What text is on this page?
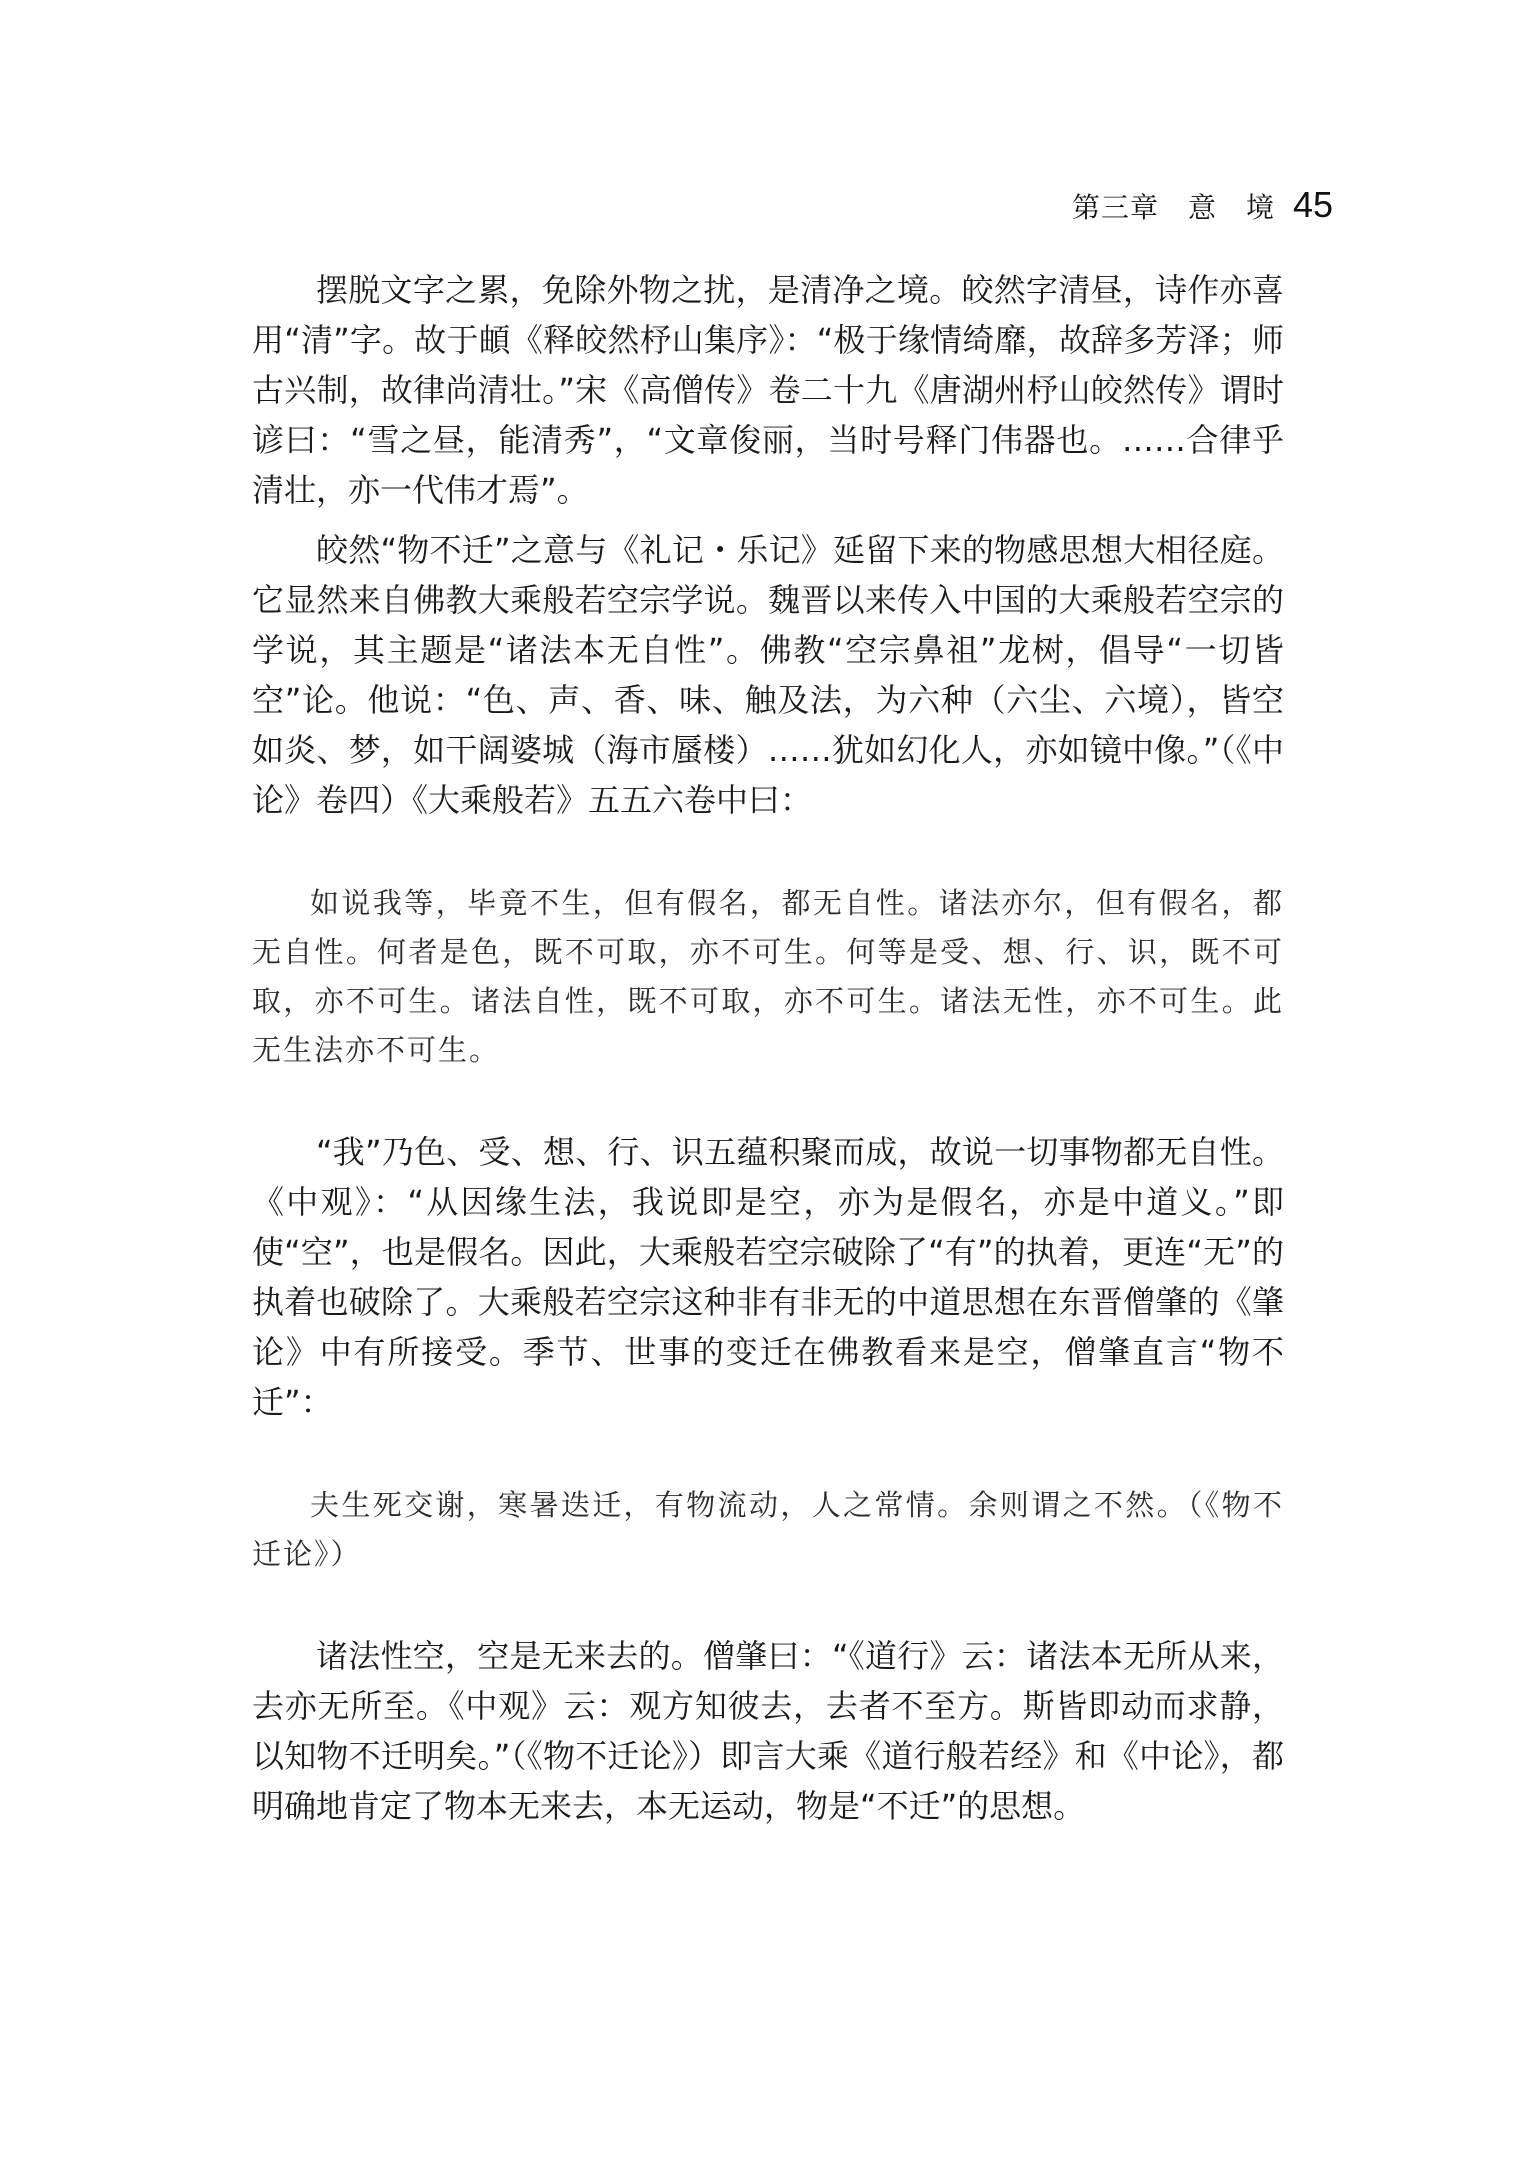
第三章　意　境 45

摆脱文字之累，免除外物之扰，是清净之境。皎然字清昼，诗作亦喜用“清”字。故于頔《释皎然杼山集序》：“极于缘情绮靡，故辞多芳泽；师古兴制，故律尚清壮。”宋《高僧传》卷二十九《唐湖州杼山皎然传》谓时谚曰：“雪之昼，能清秀”，“文章俊丽，当时号释门伟器也。……合律乎清壮，亦一代伟才焉”。

皎然“物不迁”之意与《礼记・乐记》延留下来的物感思想大相径庭。它显然来自佛教大乘般若空宗学说。魏晋以来传入中国的大乘般若空宗的学说，其主题是“诸法本无自性”。佛教“空宗鼻祖”龙树，倡导“一切皆空”论。他说：“色、声、香、味、触及法，为六种（六尘、六境），皆空如炎、梦，如干阔婆城（海市蜃楼）……犹如幻化人，亦如镜中像。”（《中论》卷四）《大乘般若》五五六卷中曰：

如说我等，毕竟不生，但有假名，都无自性。诸法亦尔，但有假名，都无自性。何者是色，既不可取，亦不可生。何等是受、想、行、识，既不可取，亦不可生。诸法自性，既不可取，亦不可生。诸法无性，亦不可生。此无生法亦不可生。

“我”乃色、受、想、行、识五蕴积聚而成，故说一切事物都无自性。《中观》：“从因缘生法，我说即是空，亦为是假名，亦是中道义。”即使“空”，也是假名。因此，大乘般若空宗破除了“有”的执着，更连“无”的执着也破除了。大乘般若空宗这种非有非无的中道思想在东晋僧肇的《肇论》中有所接受。季节、世事的变迁在佛教看来是空，僧肇直言“物不迁”：

夫生死交谢，寒暑迭迁，有物流动，人之常情。余则谓之不然。（《物不迁论》）

诸法性空，空是无来去的。僧肇曰：“《道行》云：诸法本无所从来，去亦无所至。《中观》云：观方知彼去，去者不至方。斯皆即动而求静，以知物不迁明矣。”（《物不迁论》）即言大乘《道行般若经》和《中论》，都明确地肯定了物本无来去，本无运动，物是“不迁”的思想。
